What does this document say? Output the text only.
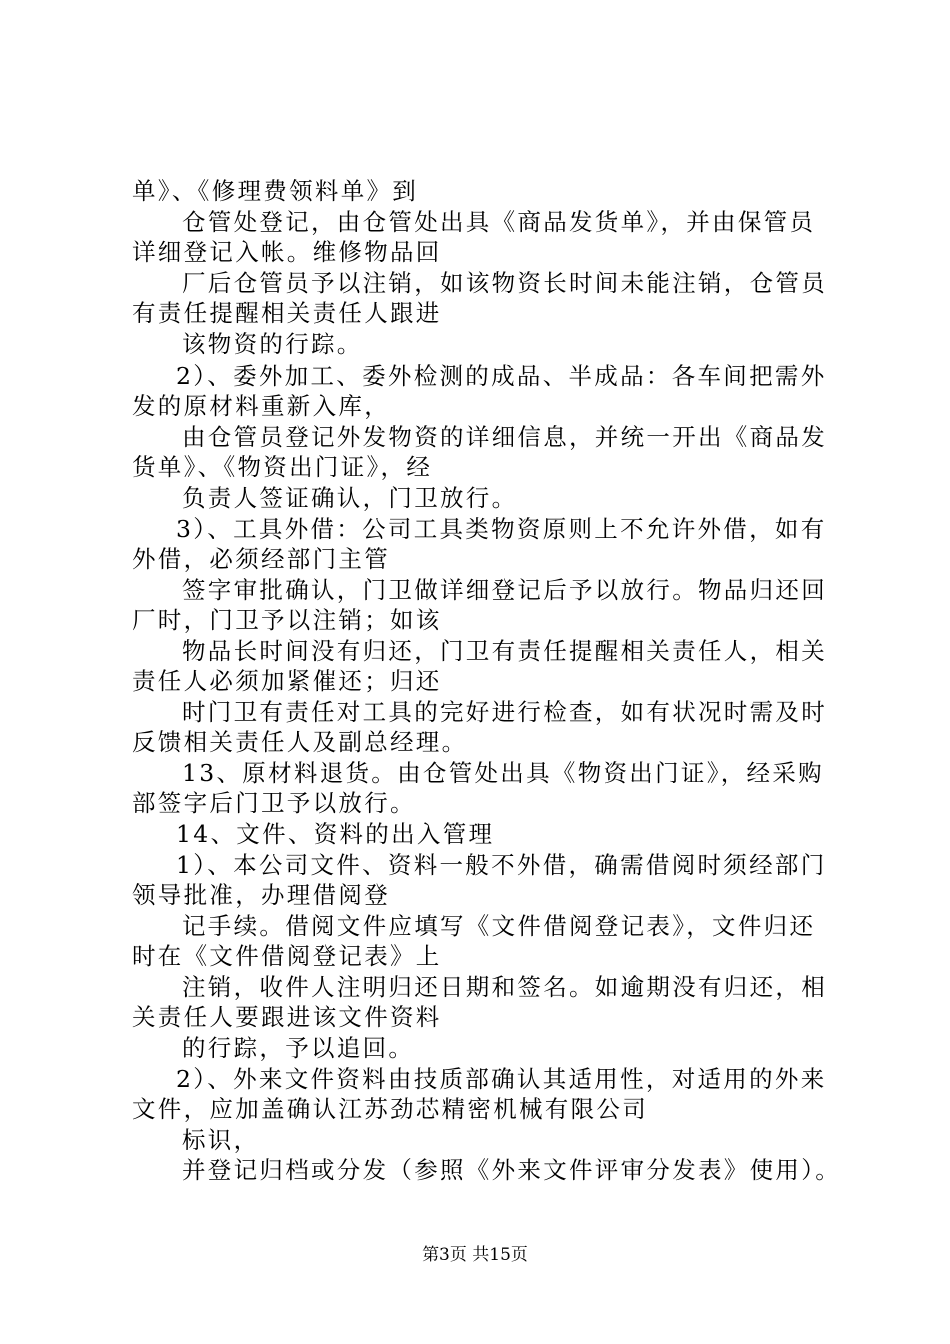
单》、《修理费领料单》到
仓管处登记，由仓管处出具《商品发货单》，并由保管员
详细登记入帐。维修物品回
厂后仓管员予以注销，如该物资长时间未能注销，仓管员
有责任提醒相关责任人跟进
该物资的行踪。
2）、委外加工、委外检测的成品、半成品：各车间把需外
发的原材料重新入库，
由仓管员登记外发物资的详细信息，并统一开出《商品发
货单》、《物资出门证》，经
负责人签证确认，门卫放行。
3）、工具外借：公司工具类物资原则上不允许外借，如有
外借，必须经部门主管
签字审批确认，门卫做详细登记后予以放行。物品归还回
厂时，门卫予以注销；如该
物品长时间没有归还，门卫有责任提醒相关责任人，相关
责任人必须加紧催还；归还
时门卫有责任对工具的完好进行检查，如有状况时需及时
反馈相关责任人及副总经理。
13、原材料退货。由仓管处出具《物资出门证》，经采购
部签字后门卫予以放行。
14、文件、资料的出入管理
1）、本公司文件、资料一般不外借，确需借阅时须经部门
领导批准，办理借阅登
记手续。借阅文件应填写《文件借阅登记表》，文件归还
时在《文件借阅登记表》上
注销，收件人注明归还日期和签名。如逾期没有归还，相
关责任人要跟进该文件资料
的行踪，予以追回。
2）、外来文件资料由技质部确认其适用性，对适用的外来
文件，应加盖确认江苏劲芯精密机械有限公司
标识，
并登记归档或分发（参照《外来文件评审分发表》使用）。
第3页 共15页
